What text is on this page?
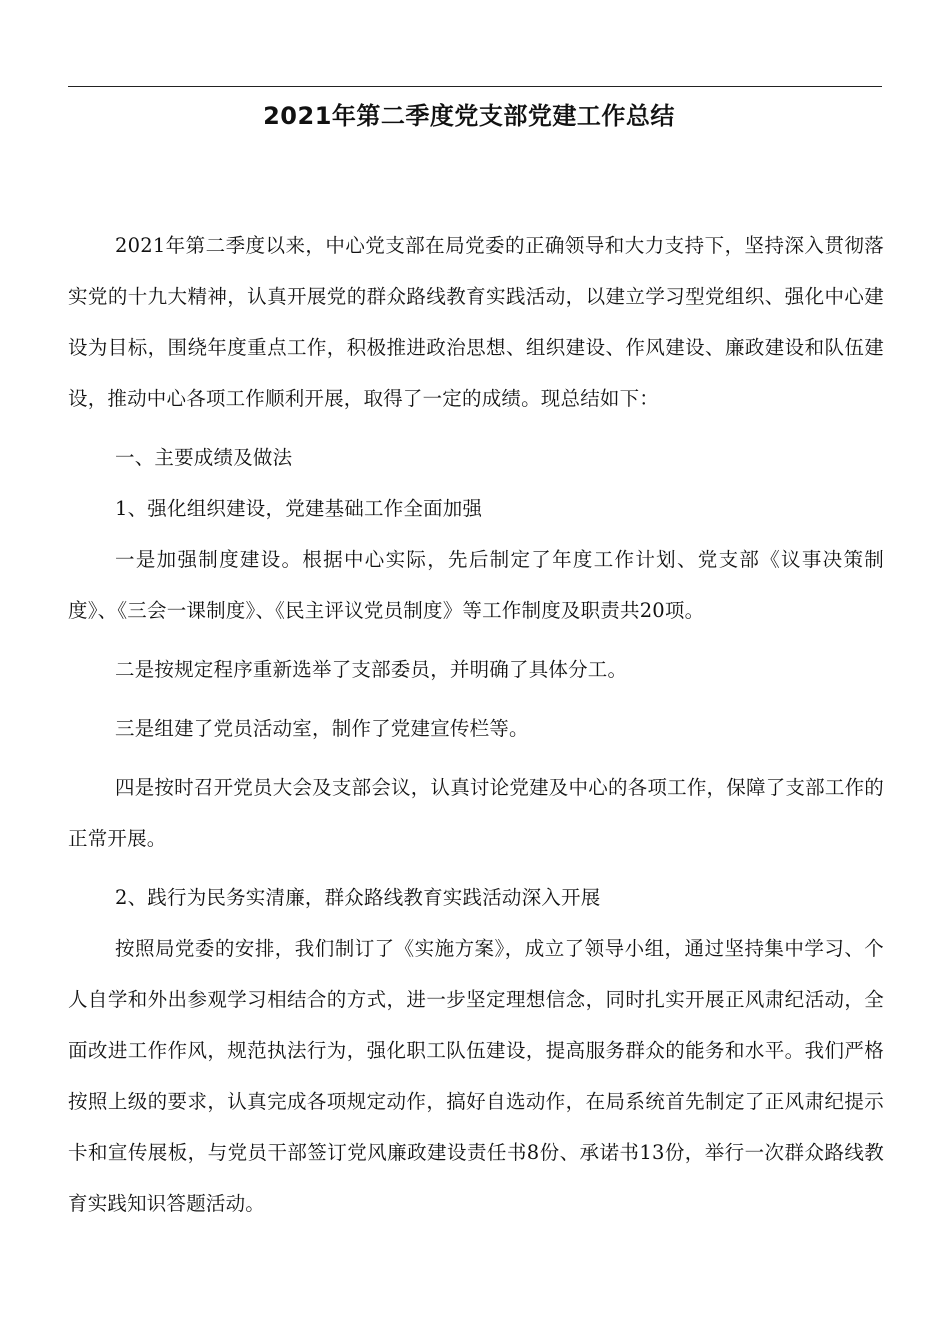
2021年第二季度党支部党建工作总结

2021年第二季度以来，中心党支部在局党委的正确领导和大力支持下，坚持深入贯彻落实党的十九大精神，认真开展党的群众路线教育实践活动，以建立学习型党组织、强化中心建设为目标，围绕年度重点工作，积极推进政治思想、组织建设、作风建设、廉政建设和队伍建设，推动中心各项工作顺利开展，取得了一定的成绩。现总结如下：

一、主要成绩及做法

1、强化组织建设，党建基础工作全面加强

一是加强制度建设。根据中心实际，先后制定了年度工作计划、党支部《议事决策制度》、《三会一课制度》、《民主评议党员制度》等工作制度及职责共20项。

二是按规定程序重新选举了支部委员，并明确了具体分工。

三是组建了党员活动室，制作了党建宣传栏等。

四是按时召开党员大会及支部会议，认真讨论党建及中心的各项工作，保障了支部工作的正常开展。

2、践行为民务实清廉，群众路线教育实践活动深入开展

按照局党委的安排，我们制订了《实施方案》，成立了领导小组，通过坚持集中学习、个人自学和外出参观学习相结合的方式，进一步坚定理想信念，同时扎实开展正风肃纪活动，全面改进工作作风，规范执法行为，强化职工队伍建设，提高服务群众的能务和水平。我们严格按照上级的要求，认真完成各项规定动作，搞好自选动作，在局系统首先制定了正风肃纪提示卡和宣传展板，与党员干部签订党风廉政建设责任书8份、承诺书13份，举行一次群众路线教育实践知识答题活动。
